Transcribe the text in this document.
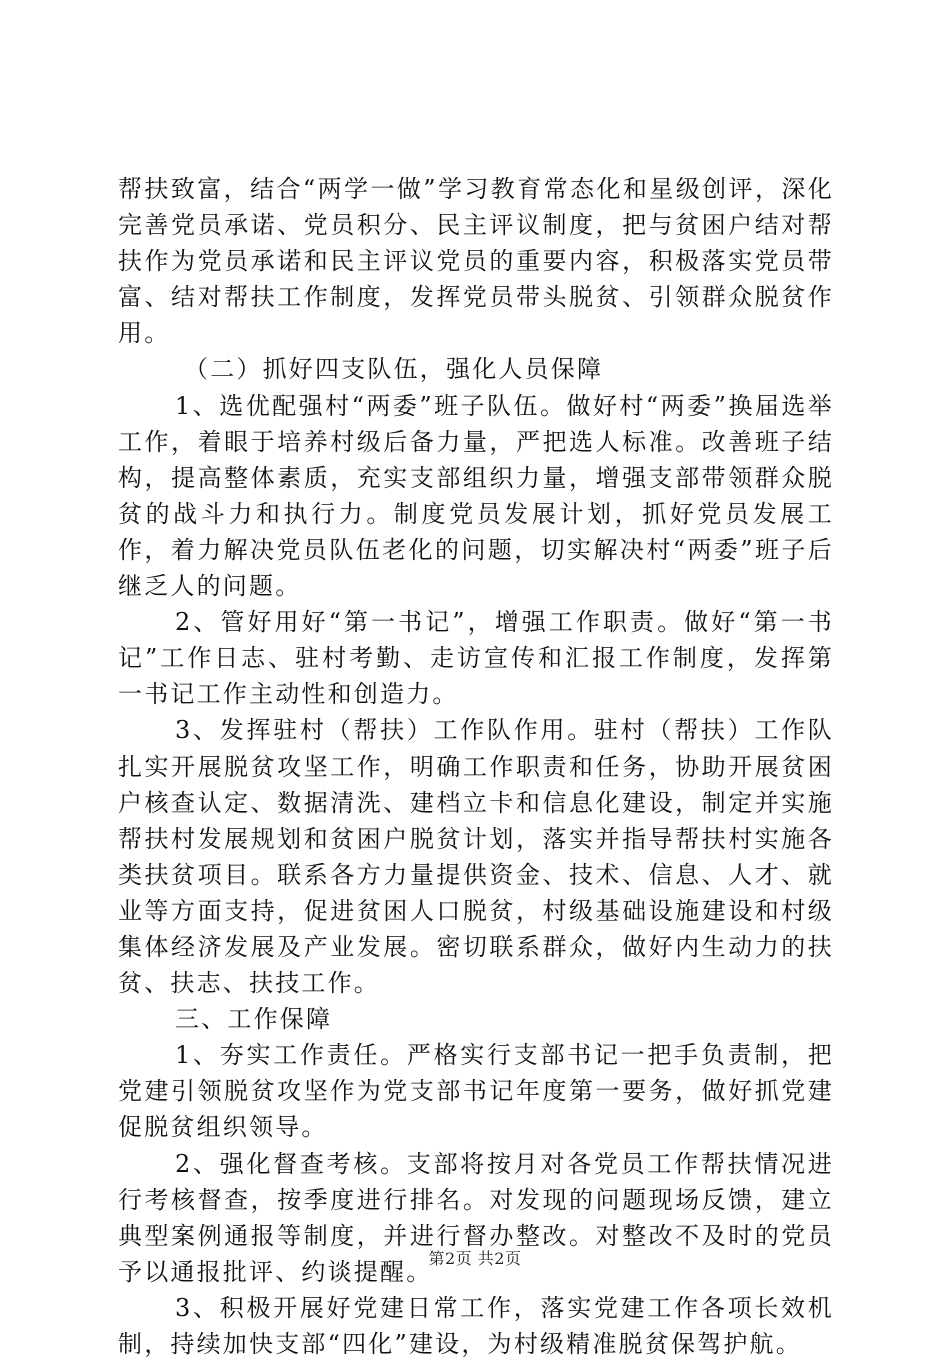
帮扶致富，结合“两学一做”学习教育常态化和星级创评，深化完善党员承诺、党员积分、民主评议制度，把与贫困户结对帮扶作为党员承诺和民主评议党员的重要内容，积极落实党员带富、结对帮扶工作制度，发挥党员带头脱贫、引领群众脱贫作用。

（二）抓好四支队伍，强化人员保障

1、选优配强村“两委”班子队伍。做好村“两委”换届选举工作，着眼于培养村级后备力量，严把选人标准。改善班子结构，提高整体素质，充实支部组织力量，增强支部带领群众脱贫的战斗力和执行力。制度党员发展计划，抓好党员发展工作，着力解决党员队伍老化的问题，切实解决村“两委”班子后继乏人的问题。

2、管好用好“第一书记”，增强工作职责。做好“第一书记”工作日志、驻村考勤、走访宣传和汇报工作制度，发挥第一书记工作主动性和创造力。

3、发挥驻村（帮扶）工作队作用。驻村（帮扶）工作队扎实开展脱贫攻坚工作，明确工作职责和任务，协助开展贫困户核查认定、数据清洗、建档立卡和信息化建设，制定并实施帮扶村发展规划和贫困户脱贫计划，落实并指导帮扶村实施各类扶贫项目。联系各方力量提供资金、技术、信息、人才、就业等方面支持，促进贫困人口脱贫，村级基础设施建设和村级集体经济发展及产业发展。密切联系群众，做好内生动力的扶贫、扶志、扶技工作。

三、工作保障

1、夯实工作责任。严格实行支部书记一把手负责制，把党建引领脱贫攻坚作为党支部书记年度第一要务，做好抓党建促脱贫组织领导。

2、强化督查考核。支部将按月对各党员工作帮扶情况进行考核督查，按季度进行排名。对发现的问题现场反馈，建立典型案例通报等制度，并进行督办整改。对整改不及时的党员予以通报批评、约谈提醒。

3、积极开展好党建日常工作，落实党建工作各项长效机制，持续加快支部“四化”建设，为村级精准脱贫保驾护航。

第2页 共2页
